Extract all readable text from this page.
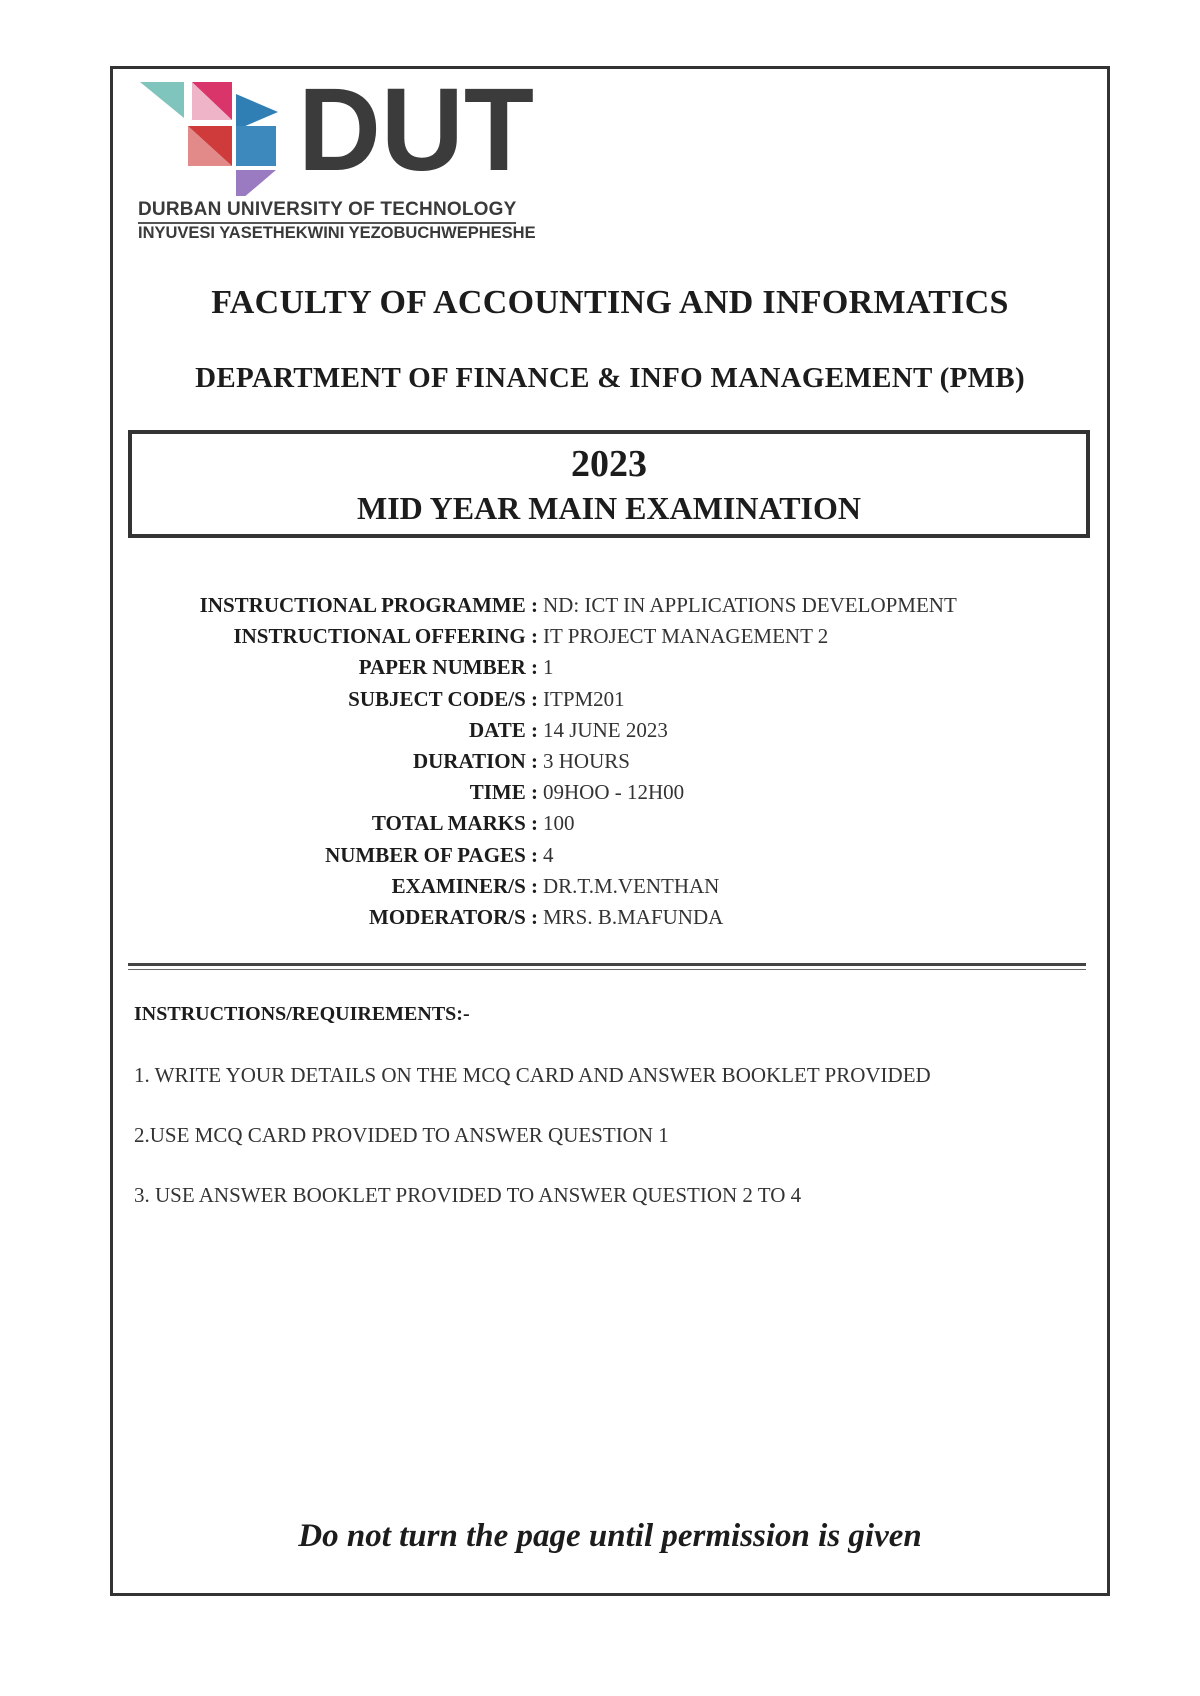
DUT
DURBAN UNIVERSITY OF TECHNOLOGY
INYUVESI YASETHEKWINI YEZOBUCHWEPHESHE
FACULTY OF ACCOUNTING AND INFORMATICS
DEPARTMENT OF FINANCE & INFO MANAGEMENT (PMB)
2023
MID YEAR MAIN EXAMINATION
INSTRUCTIONAL PROGRAMME : ND: ICT IN APPLICATIONS DEVELOPMENT
INSTRUCTIONAL OFFERING : IT PROJECT MANAGEMENT 2
PAPER NUMBER : 1
SUBJECT CODE/S : ITPM201
DATE : 14 JUNE 2023
DURATION : 3 HOURS
TIME : 09HOO - 12H00
TOTAL MARKS : 100
NUMBER OF PAGES : 4
EXAMINER/S : DR.T.M.VENTHAN
MODERATOR/S : MRS. B.MAFUNDA
INSTRUCTIONS/REQUIREMENTS:-
1. WRITE YOUR DETAILS ON THE MCQ CARD AND ANSWER BOOKLET PROVIDED
2.USE MCQ CARD PROVIDED TO ANSWER QUESTION 1
3. USE ANSWER BOOKLET PROVIDED TO ANSWER QUESTION 2 TO 4
Do not turn the page until permission is given
